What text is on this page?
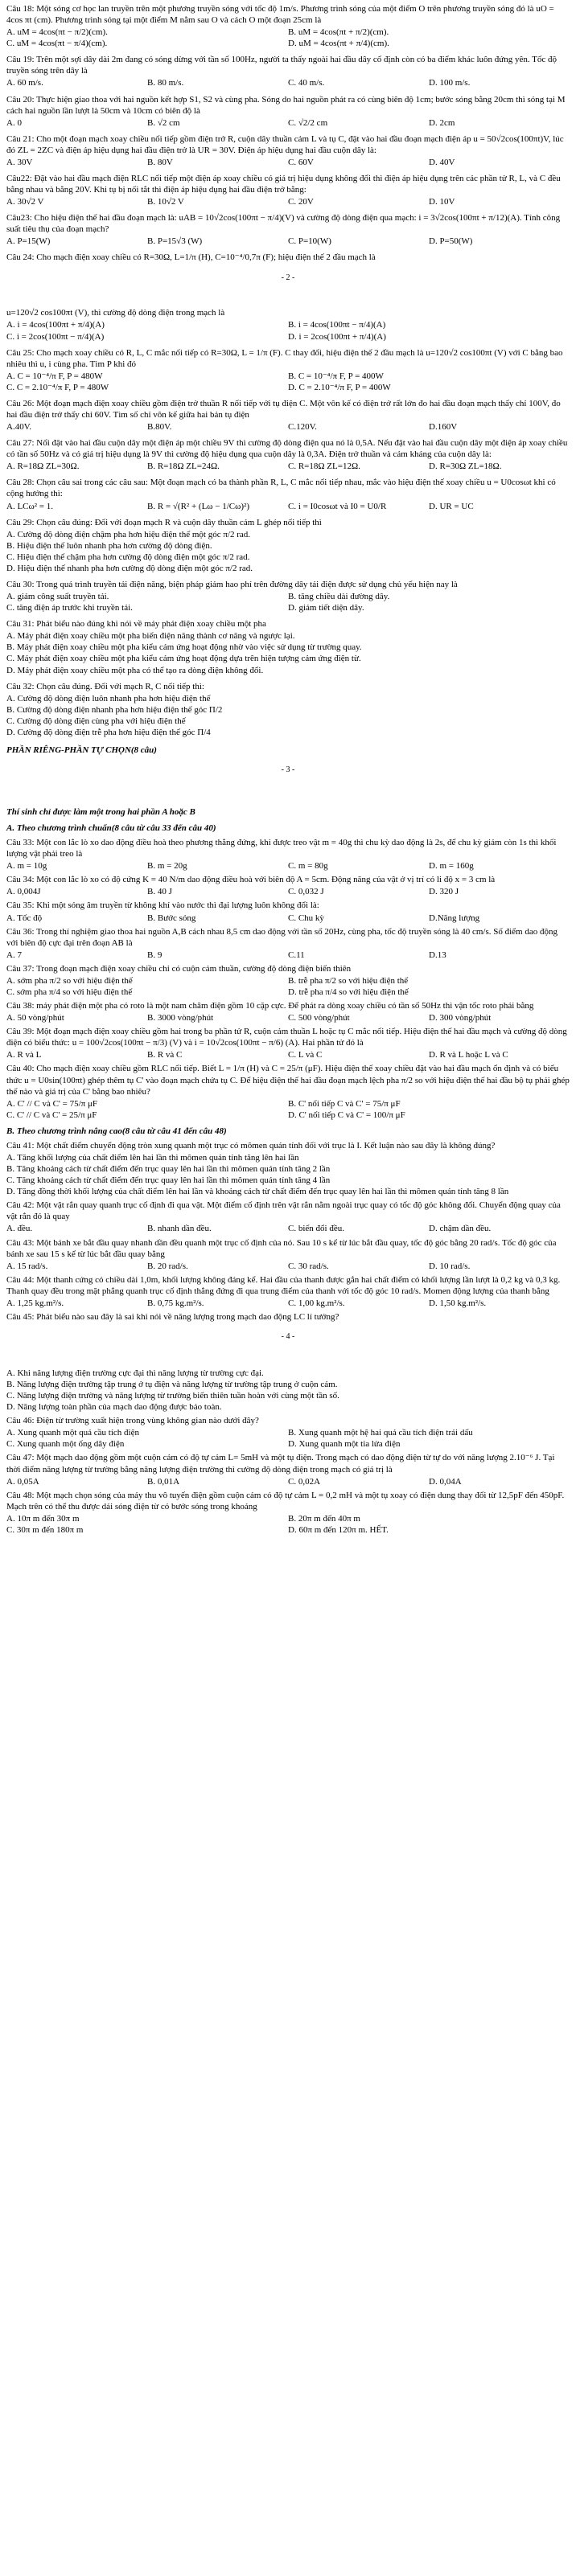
Câu 18: Một sóng cơ học lan truyền trên một phương truyền sóng với tốc độ 1m/s. Phương trình sóng của một điểm O trên phương truyền sóng đó là uO = 4cos πt (cm). Phương trình sóng tại một điểm M nằm sau O và cách O một đoạn 25cm là
A. uM = 4cos(πt − π/2)(cm).	B. uM = 4cos(πt + π/2)(cm).
C. uM = 4cos(πt − π/4)(cm).	D. uM = 4cos(πt + π/4)(cm).
Câu 19: Trên một sợi dây dài 2m đang có sóng dừng với tần số 100Hz, người ta thấy ngoài hai đầu dây cố định còn có ba điểm khác luôn đứng yên. Tốc độ truyền sóng trên dây là
A. 60 m/s.	B. 80 m/s.	C. 40 m/s.	D. 100 m/s.
Câu 20: Thực hiện giao thoa với hai nguồn kết hợp S1, S2 và cùng pha. Sóng do hai nguồn phát ra có cùng biên độ 1cm; bước sóng bằng 20cm thì sóng tại M cách hai nguồn lần lượt là 50cm và 10cm có biên độ là
A. 0	B. √2 cm	C. √2/2 cm	D. 2cm
Câu 21: Cho một đoạn mạch xoay chiều nối tiếp gồm điện trở R, cuộn dây thuần cảm L và tụ C, đặt vào hai đầu đoạn mạch điện áp u = 50√2cos(100πt)V, lúc đó ZL = 2ZC và điện áp hiệu dụng hai đầu điện trở là UR = 30V. Điện áp hiệu dụng hai đầu cuộn dây là:
A. 30V	B. 80V	C. 60V	D. 40V
Câu22: Đặt vào hai đầu mạch điện RLC nối tiếp một điện áp xoay chiều có giá trị hiệu dụng không đổi thì điện áp hiệu dụng trên các phần tử R, L, và C đều bằng nhau và bằng 20V. Khi tụ bị nối tắt thì điện áp hiệu dụng hai đầu điện trở bằng:
A. 30√2 V	B. 10√2 V	C. 20V	D. 10V
Câu23: Cho hiệu điện thế hai đầu đoạn mạch là: uAB = 10√2cos(100πt − π/4)(V) và cường độ dòng điện qua mạch: i = 3√2cos(100πt + π/12)(A). Tính công suất tiêu thụ của đoạn mạch?
A. P=15(W)	B. P=15√3 (W)	C. P=10(W)	D. P=50(W)
Câu 24: Cho mạch điện xoay chiều có R=30Ω, L=1/π (H), C=10⁻⁴/0,7π (F); hiệu điện thế 2 đầu mạch là
- 2 -
u=120√2 cos100πt (V), thì cường độ dòng điện trong mạch là
A. i = 4cos(100πt + π/4)(A)	B. i = 4cos(100πt − π/4)(A)
C. i = 2cos(100πt − π/4)(A)	D. i = 2cos(100πt + π/4)(A)
Câu 25: Cho mạch xoay chiều có R, L, C mắc nối tiếp có R=30Ω, L = 1/π (F). C thay đổi, hiệu điện thế 2 đầu mạch là u=120√2 cos100πt (V) với C bằng bao nhiêu thì u, i cùng pha. Tìm P khi đó
A. C = 10⁻⁴/π F, P = 480W	B. C = 10⁻⁴/π F, P = 400W
C. C = 2.10⁻⁴/π F, P = 480W	D. C = 2.10⁻⁴/π F, P = 400W
Câu 26: Một đoạn mạch điện xoay chiều gồm điện trở thuần R nối tiếp với tụ điện C. Một vôn kế có điện trở rất lớn đo hai đầu đoạn mạch thấy chỉ 100V, đo hai đầu điện trở thấy chỉ 60V. Tìm số chỉ vôn kế giữa hai bản tụ điện
A.40V.	B.80V.	C.120V.	D.160V
Câu 27: Nối đặt vào hai đầu cuộn dây một điện áp một chiều 9V thì cường độ dòng điện qua nó là 0,5A. Nếu đặt vào hai đầu cuộn dây một điện áp xoay chiều có tần số 50Hz và có giá trị hiệu dụng là 9V thì cường độ hiệu dụng qua cuộn dây là 0,3A. Điện trở thuần và cảm kháng của cuộn dây là:
A. R=18Ω ZL=30Ω.	B. R=18Ω ZL=24Ω.	C. R=18Ω ZL=12Ω.	D. R=30Ω ZL=18Ω.
Câu 28: Chọn câu sai trong các câu sau: Một đoạn mạch có ba thành phần R, L, C mắc nối tiếp nhau, mắc vào hiệu điện thế xoay chiều u = U0cosωt khi có cộng hưởng thì:
A. LCω² = 1.	B. R = √(R² + (Lω − 1/Cω)²)	C. i = I0cosωt và I0 = U0/R	D. UR = UC
Câu 29: Chọn câu đúng: Đối với đoạn mạch R và cuộn dây thuần cảm L ghép nối tiếp thì
A. Cường độ dòng điện chậm pha hơn hiệu điện thế một góc π/2 rad.
B. Hiệu điện thế luôn nhanh pha hơn cường độ dòng điện.
C. Hiệu điện thế chậm pha hơn cường độ dòng điện một góc π/2 rad.
D. Hiệu điện thế nhanh pha hơn cường độ dòng điện một góc π/2 rad.
Câu 30: Trong quá trình truyền tải điện năng, biện pháp giảm hao phí trên đường dây tải điện được sử dụng chủ yếu hiện nay là
A. giảm công suất truyền tải.	B. tăng chiều dài đường dây.
C. tăng điện áp trước khi truyền tải.	D. giảm tiết diện dây.
Câu 31: Phát biểu nào đúng khi nói về máy phát điện xoay chiều một pha
A. Máy phát điện xoay chiều một pha biến điện năng thành cơ năng và ngược lại.
B. Máy phát điện xoay chiều một pha kiểu cảm ứng hoạt động nhờ vào việc sử dụng từ trường quay.
C. Máy phát điện xoay chiều một pha kiểu cảm ứng hoạt động dựa trên hiện tượng cảm ứng điện từ.
D. Máy phát điện xoay chiều một pha có thể tạo ra dòng điện không đổi.
Câu 32: Chọn câu đúng. Đối với mạch R, C nối tiếp thì:
A. Cường độ dòng điện luôn nhanh pha hơn hiệu điện thế
B. Cường độ dòng điện nhanh pha hơn hiệu điện thế góc Π/2
C. Cường độ dòng điện cùng pha với hiệu điện thế
D. Cường độ dòng điện trễ pha hơn hiệu điện thế góc Π/4
PHẦN RIÊNG-PHẦN TỰ CHỌN(8 câu)
- 3 -
Thí sinh chỉ được làm một trong hai phần A hoặc B
A. Theo chương trình chuẩn(8 câu từ câu 33 đến câu 40)
Câu 33: Một con lắc lò xo dao động điều hoà theo phương thẳng đứng, khi được treo vật m = 40g thì chu kỳ dao động là 2s, để chu kỳ giảm còn 1s thì khối lượng vật phải treo là
A. m = 10g	B. m = 20g	C. m = 80g	D. m = 160g
Câu 34: Một con lắc lò xo có độ cứng K = 40 N/m dao động điều hoà với biên độ A = 5cm. Động năng của vật ở vị trí có li độ x = 3 cm là
A. 0,004J	B. 40 J	C. 0,032 J	D. 320 J
Câu 35: Khi một sóng âm truyền từ không khí vào nước thì đại lượng luôn không đổi là:
A. Tốc độ	B. Bước sóng	C. Chu kỳ	D.Năng lượng
Câu 36: Trong thí nghiệm giao thoa hai nguồn A,B cách nhau 8,5 cm dao động với tần số 20Hz, cùng pha, tốc độ truyền sóng là 40 cm/s. Số điểm dao động với biên độ cực đại trên đoạn AB là
A. 7	B. 9	C.11	D.13
Câu 37: Trong đoạn mạch điện xoay chiều chỉ có cuộn cảm thuần, cường độ dòng điện biến thiên
A. sớm pha π/2 so với hiệu điện thế	B. trễ pha π/2 so với hiệu điện thế
C. sớm pha π/4 so với hiệu điện thế	D. trễ pha π/4 so với hiệu điện thế
Câu 38: máy phát điện một pha có roto là một nam châm điện gồm 10 cặp cực. Để phát ra dòng xoay chiều có tần số 50Hz thì vận tốc roto phải bằng
A. 50 vòng/phút	B. 3000 vòng/phút	C. 500 vòng/phút	D. 300 vòng/phút
Câu 39: Một đoạn mạch điện xoay chiều gồm hai trong ba phần tử R, cuộn cảm thuần L hoặc tụ C mắc nối tiếp. Hiệu điện thế hai đầu mạch và cường độ dòng điện có biểu thức: u = 100√2cos(100πt − π/3) (V) và i = 10√2cos(100πt − π/6) (A). Hai phần tử đó là
A. R và L	B. R và C	C. L và C	D. R và L hoặc L và C
Câu 40: Cho mạch điện xoay chiều gồm RLC nối tiếp. Biết L = 1/π (H) và C = 25/π (μF). Hiệu điện thế xoay chiều đặt vào hai đầu mạch ổn định và có biểu thức u = U0sin(100πt) ghép thêm tụ C' vào đoạn mạch chứa tụ C. Để hiệu điện thế hai đầu đoạn mạch lệch pha π/2 so với hiệu điện thế hai đầu bộ tụ phải ghép thế nào và giá trị của C' bằng bao nhiêu?
A. C' // C và C' = 75/π μF	B. C' nối tiếp C và C' = 75/π μF
C. C' // C và C' = 25/π μF	D. C' nối tiếp C và C' = 100/π μF
B. Theo chương trình nâng cao(8 câu từ câu 41 đến câu 48)
Câu 41: Một chất điểm chuyển động tròn xung quanh một trục có mômen quán tính đối với trục là I. Kết luận nào sau đây là không đúng?
A. Tăng khối lượng của chất điểm lên hai lần thì mômen quán tính tăng lên hai lần
B. Tăng khoảng cách từ chất điểm đến trục quay lên hai lần thì mômen quán tính tăng 2 lần
C. Tăng khoảng cách từ chất điểm đến trục quay lên hai lần thì mômen quán tính tăng 4 lần
D. Tăng đồng thời khối lượng của chất điểm lên hai lần và khoảng cách từ chất điểm đến trục quay lên hai lần thì mômen quán tính tăng 8 lần
Câu 42: Một vật rắn quay quanh trục cố định đi qua vật. Một điểm cố định trên vật rắn nằm ngoài trục quay có tốc độ góc không đổi. Chuyển động quay của vật rắn đó là quay
A. đều.	B. nhanh dần đều.	C. biến đổi đều.	D. chậm dần đều.
Câu 43: Một bánh xe bắt đầu quay nhanh dần đều quanh một trục cố định của nó. Sau 10 s kể từ lúc bắt đầu quay, tốc độ góc bằng 20 rad/s. Tốc độ góc của bánh xe sau 15 s kể từ lúc bắt đầu quay bằng
A. 15 rad/s.	B. 20 rad/s.	C. 30 rad/s.	D. 10 rad/s.
Câu 44: Một thanh cứng có chiều dài 1,0m, khối lượng không đáng kể. Hai đầu của thanh được gắn hai chất điểm có khối lượng lần lượt là 0,2 kg và 0,3 kg. Thanh quay đều trong mặt phẳng quanh trục cố định thẳng đứng đi qua trung điểm của thanh với tốc độ góc 10 rad/s. Momen động lượng của thanh bằng
A. 1,25 kg.m²/s.	B. 0,75 kg.m²/s.	C. 1,00 kg.m²/s.	D. 1,50 kg.m²/s.
Câu 45: Phát biểu nào sau đây là sai khi nói về năng lượng trong mạch dao động LC lí tưởng?
- 4 -
A. Khi năng lượng điện trường cực đại thì năng lượng từ trường cực đại.
B. Năng lượng điện trường tập trung ở tụ điện và năng lượng từ trường tập trung ở cuộn cảm.
C. Năng lượng điện trường và năng lượng từ trường biến thiên tuần hoàn với cùng một tần số.
D. Năng lượng toàn phần của mạch dao động được bảo toàn.
Câu 46: Điện từ trường xuất hiện trong vùng không gian nào dưới đây?
A. Xung quanh một quả cầu tích điện	B. Xung quanh một hệ hai quả cầu tích điện trái dấu
C. Xung quanh một ống dây điện	D. Xung quanh một tia lửa điện
Câu 47: Một mạch dao động gồm một cuộn cảm có độ tự cảm L= 5mH và một tụ điện. Trong mạch có dao động điện từ tự do với năng lượng 2.10⁻⁶ J. Tại thời điểm năng lượng từ trường bằng năng lượng điện trường thì cường độ dòng điện trong mạch có giá trị là
A. 0,05A	B. 0,01A	C. 0,02A	D. 0,04A
Câu 48: Một mạch chọn sóng của máy thu vô tuyến điện gồm cuộn cảm có độ tự cảm L = 0,2 mH và một tụ xoay có điện dung thay đổi từ 12,5pF đến 450pF. Mạch trên có thể thu được dải sóng điện từ có bước sóng trong khoảng
A. 10π m đến 30π m	B. 20π m đến 40π m
C. 30π m đến 180π m	D. 60π m đến 120π m. HẾT.
